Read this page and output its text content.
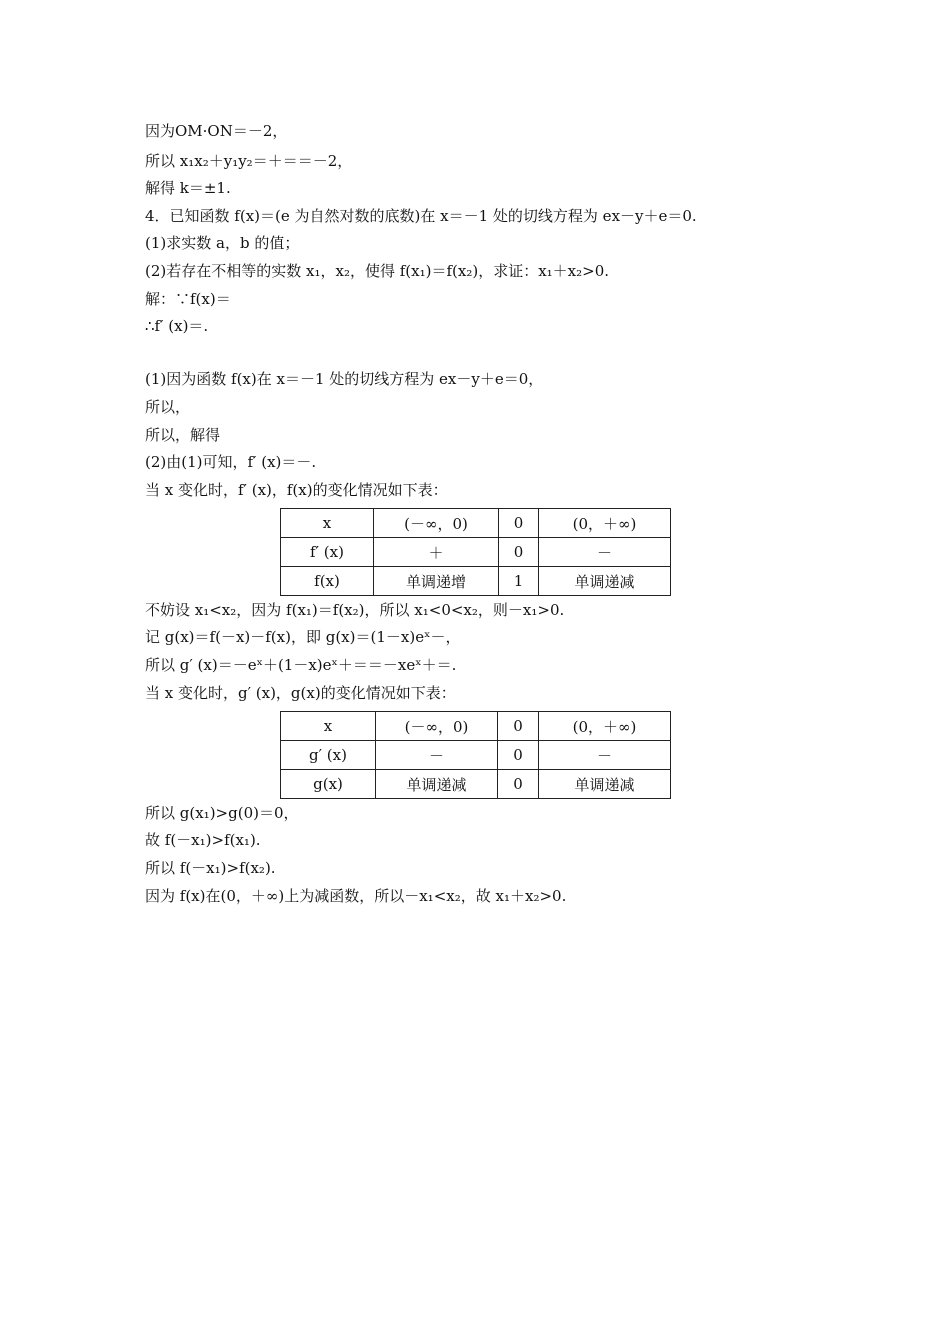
因为OM·ON＝－2，
所以 x₁x₂＋y₁y₂＝＋＝＝－2，
解得 k＝±1.
4．已知函数 f(x)＝(e 为自然对数的底数)在 x＝－1 处的切线方程为 ex－y＋e＝0.
(1)求实数 a，b 的值；
(2)若存在不相等的实数 x₁，x₂，使得 f(x₁)＝f(x₂)，求证：x₁＋x₂>0.
解：∵f(x)＝
∴f′ (x)＝.
(1)因为函数 f(x)在 x＝－1 处的切线方程为 ex－y＋e＝0，
所以，
所以，解得
(2)由(1)可知，f′ (x)＝－.
当 x 变化时，f′ (x)，f(x)的变化情况如下表：
x	(－∞，0)	0	(0，＋∞)
f′ (x)	＋	0	－
f(x)	单调递增	1	单调递减
不妨设 x₁<x₂，因为 f(x₁)＝f(x₂)，所以 x₁<0<x₂，则－x₁>0.
记 g(x)＝f(－x)－f(x)，即 g(x)＝(1－x)eˣ－，
所以 g′ (x)＝－eˣ＋(1－x)eˣ＋＝＝－xeˣ＋＝.
当 x 变化时，g′ (x)，g(x)的变化情况如下表：
x	(－∞，0)	0	(0，＋∞)
g′ (x)	－	0	－
g(x)	单调递减	0	单调递减
所以 g(x₁)>g(0)＝0，
故 f(－x₁)>f(x₁).
所以 f(－x₁)>f(x₂).
因为 f(x)在(0，＋∞)上为减函数，所以－x₁<x₂，故 x₁＋x₂>0.
